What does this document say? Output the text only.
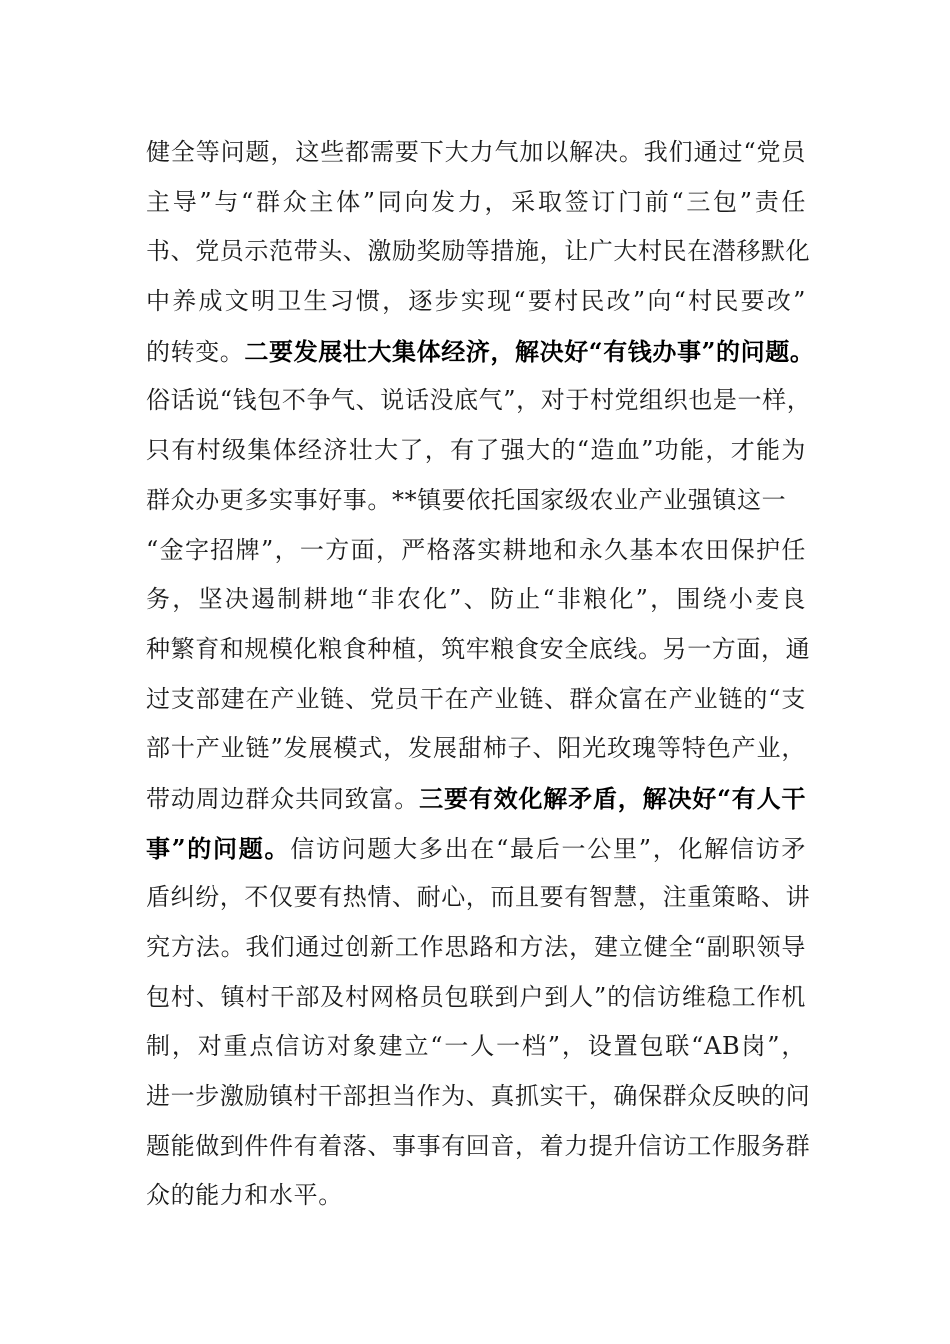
健全等问题，这些都需要下大力气加以解决。我们通过“党员
主导”与“群众主体”同向发力，采取签订门前“三包”责任
书、党员示范带头、激励奖励等措施，让广大村民在潜移默化
中养成文明卫生习惯，逐步实现“要村民改”向“村民要改”
的转变。二要发展壮大集体经济，解决好“有钱办事”的问题。
俗话说“钱包不争气、说话没底气”，对于村党组织也是一样，
只有村级集体经济壮大了，有了强大的“造血”功能，才能为
群众办更多实事好事。**镇要依托国家级农业产业强镇这一
“金字招牌”，一方面，严格落实耕地和永久基本农田保护任
务，坚决遏制耕地“非农化”、防止“非粮化”，围绕小麦良
种繁育和规模化粮食种植，筑牢粮食安全底线。另一方面，通
过支部建在产业链、党员干在产业链、群众富在产业链的“支
部十产业链”发展模式，发展甜柿子、阳光玫瑰等特色产业，
带动周边群众共同致富。三要有效化解矛盾，解决好“有人干
事”的问题。信访问题大多出在“最后一公里”，化解信访矛
盾纠纷，不仅要有热情、耐心，而且要有智慧，注重策略、讲
究方法。我们通过创新工作思路和方法，建立健全“副职领导
包村、镇村干部及村网格员包联到户到人”的信访维稳工作机
制，对重点信访对象建立“一人一档”，设置包联“AB岗”，
进一步激励镇村干部担当作为、真抓实干，确保群众反映的问
题能做到件件有着落、事事有回音，着力提升信访工作服务群
众的能力和水平。
